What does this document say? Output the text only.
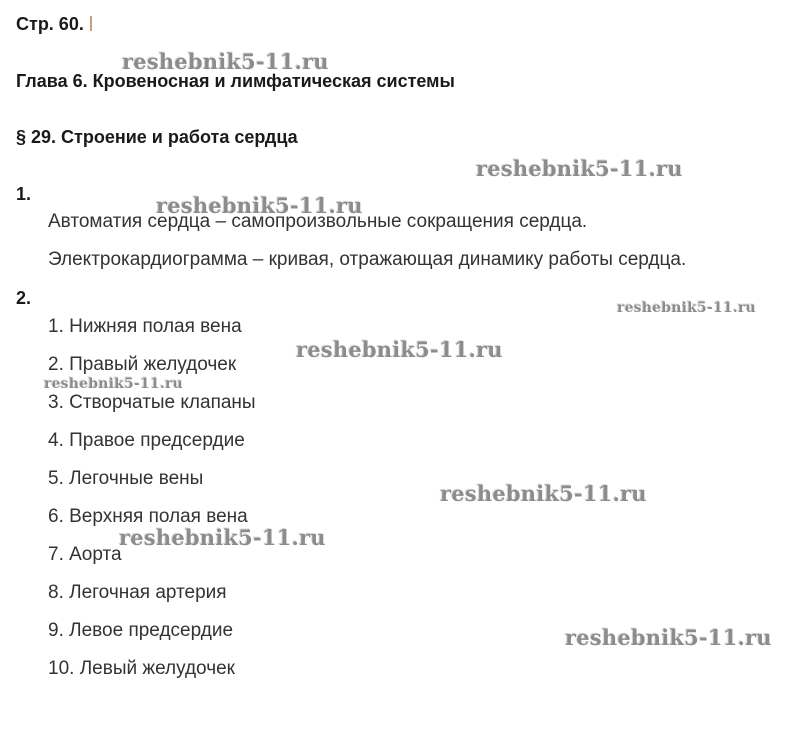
Стр. 60.
Глава 6. Кровеносная и лимфатическая системы
§ 29. Строение и работа сердца
1.
Автоматия сердца – самопроизвольные сокращения сердца.
Электрокардиограмма – кривая, отражающая динамику работы сердца.
2.
1. Нижняя полая вена
2. Правый желудочек
3. Створчатые клапаны
4. Правое предсердие
5. Легочные вены
6. Верхняя полая вена
7. Аорта
8. Легочная артерия
9. Левое предсердие
10. Левый желудочек
reshebnik5-11.ru
reshebnik5-11.ru
reshebnik5-11.ru
reshebnik5-11.ru
reshebnik5-11.ru
reshebnik5-11.ru
reshebnik5-11.ru
reshebnik5-11.ru
reshebnik5-11.ru
